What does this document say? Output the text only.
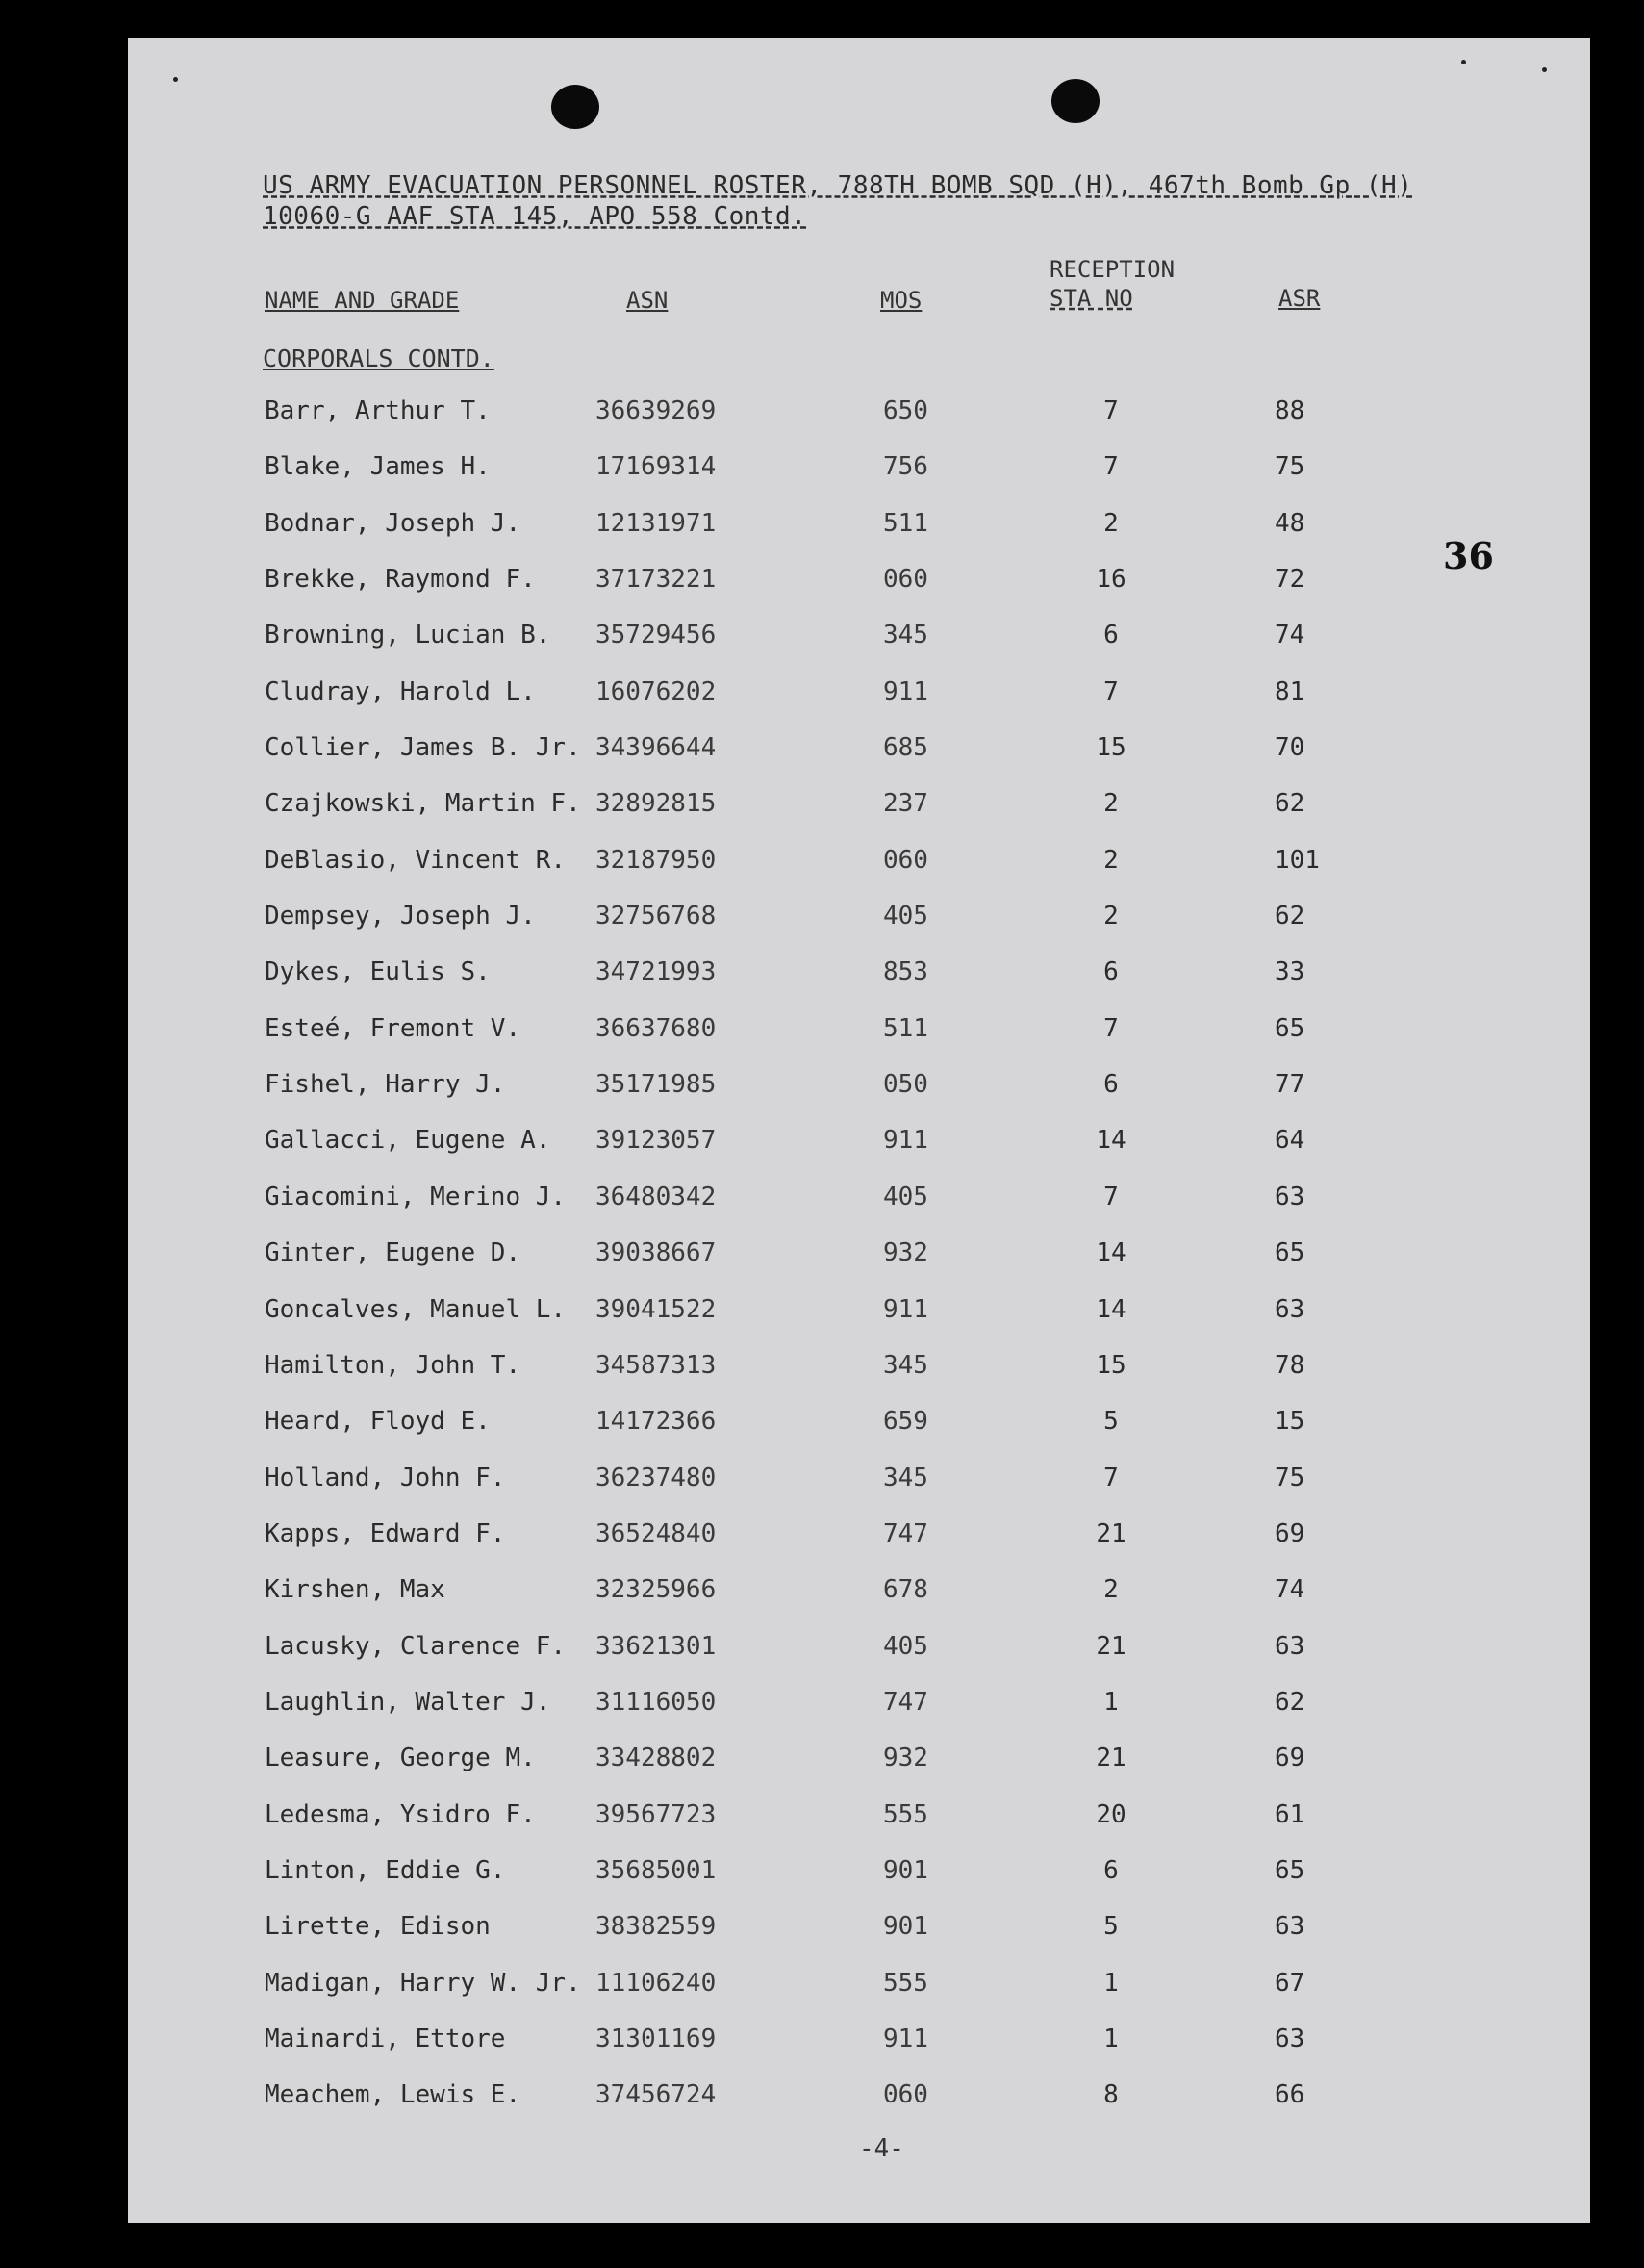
US ARMY EVACUATION PERSONNEL ROSTER, 788TH BOMB SQD (H), 467th Bomb Gp (H)
10060-G AAF STA 145, APO 558 Contd.
NAME AND GRADE	ASN	MOS
RECEPTION
STA NO	ASR
CORPORALS CONTD.
36
Barr, Arthur T.	36639269	650	7	88
Blake, James H.	17169314	756	7	75
Bodnar, Joseph J.	12131971	511	2	48
Brekke, Raymond F. 37173221	060	16	72
Browning, Lucian B. 35729456	345	6	74
Cludray, Harold L. 16076202	911	7	81
Collier, James B. Jr. 34396644	685	15	70
Czajkowski, Martin F. 32892815	237	2	62
DeBlasio, Vincent R. 32187950	060	2	101
Dempsey, Joseph J. 32756768	405	2	62
Dykes, Eulis S.	34721993	853	6	33
Esteé, Fremont V.	36637680	511	7	65
Fishel, Harry J.	35171985	050	6	77
Gallacci, Eugene A. 39123057	911	14	64
Giacomini, Merino J. 36480342	405	7	63
Ginter, Eugene D.	39038667	932	14	65
Goncalves, Manuel L. 39041522	911	14	63
Hamilton, John T.	34587313	345	15	78
Heard, Floyd E.	14172366	659	5	15
Holland, John F.	36237480	345	7	75
Kapps, Edward F.	36524840	747	21	69
Kirshen, Max	32325966	678	2	74
Lacusky, Clarence F. 33621301	405	21	63
Laughlin, Walter J. 31116050	747	1	62
Leasure, George M. 33428802	932	21	69
Ledesma, Ysidro F. 39567723	555	20	61
Linton, Eddie G.	35685001	901	6	65
Lirette, Edison	38382559	901	5	63
Madigan, Harry W. Jr. 11106240	555	1	67
Mainardi, Ettore	31301169	911	1	63
Meachem, Lewis E.	37456724	060	8	66
-4-
